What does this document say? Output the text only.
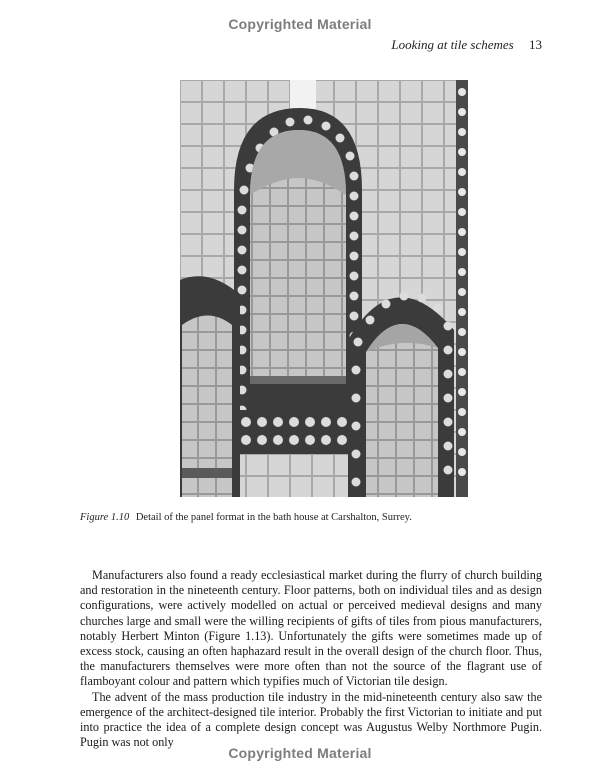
Copyrighted Material
Looking at tile schemes 13
Figure 1.10 Detail of the panel format in the bath house at Carshalton, Surrey.

Manufacturers also found a ready ecclesiastical market during the flurry of church building and restoration in the nineteenth century. Floor patterns, both on individual tiles and as design configurations, were actively modelled on actual or perceived medieval designs and many churches large and small were the willing recipients of gifts of tiles from pious manufacturers, notably Herbert Minton (Figure 1.13). Unfortunately the gifts were sometimes made up of excess stock, causing an often haphazard result in the overall design of the church floor. Thus, the manufacturers themselves were more often than not the source of the flagrant use of flamboyant colour and pattern which typifies much of Victorian tile design.

The advent of the mass production tile industry in the mid-nineteenth century also saw the emergence of the architect-designed tile interior. Probably the first Victorian to initiate and put into practice the idea of a complete design concept was Augustus Welby Northmore Pugin. Pugin was not only

Copyrighted Material
